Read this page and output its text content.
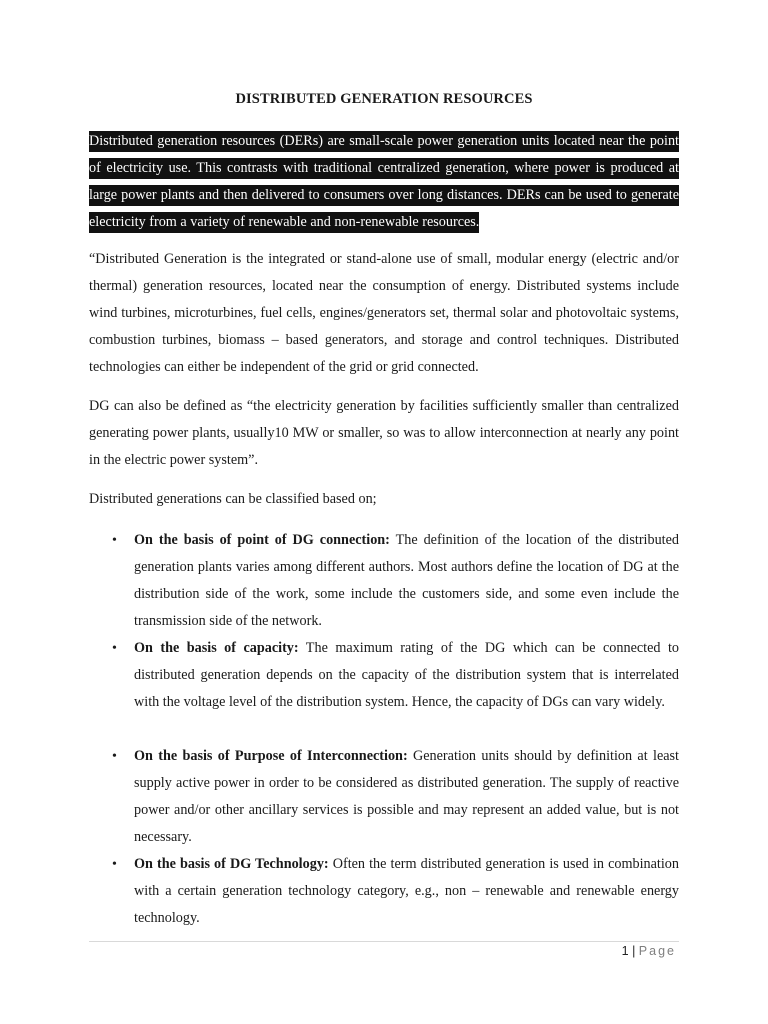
DISTRIBUTED GENERATION RESOURCES
Distributed generation resources (DERs) are small-scale power generation units located near the point of electricity use. This contrasts with traditional centralized generation, where power is produced at large power plants and then delivered to consumers over long distances. DERs can be used to generate electricity from a variety of renewable and non-renewable resources.

“Distributed Generation is the integrated or stand-alone use of small, modular energy (electric and/or thermal) generation resources, located near the consumption of energy. Distributed systems include wind turbines, microturbines, fuel cells, engines/generators set, thermal solar and photovoltaic systems, combustion turbines, biomass – based generators, and storage and control techniques. Distributed technologies can either be independent of the grid or grid connected.

DG can also be defined as “the electricity generation by facilities sufficiently smaller than centralized generating power plants, usually10 MW or smaller, so was to allow interconnection at nearly any point in the electric power system”.

Distributed generations can be classified based on;

• On the basis of point of DG connection: The definition of the location of the distributed generation plants varies among different authors. Most authors define the location of DG at the distribution side of the work, some include the customers side, and some even include the transmission side of the network.
• On the basis of capacity: The maximum rating of the DG which can be connected to distributed generation depends on the capacity of the distribution system that is interrelated with the voltage level of the distribution system. Hence, the capacity of DGs can vary widely.
• On the basis of Purpose of Interconnection: Generation units should by definition at least supply active power in order to be considered as distributed generation. The supply of reactive power and/or other ancillary services is possible and may represent an added value, but is not necessary.
• On the basis of DG Technology: Often the term distributed generation is used in combination with a certain generation technology category, e.g., non – renewable and renewable energy technology.
1 | Page
